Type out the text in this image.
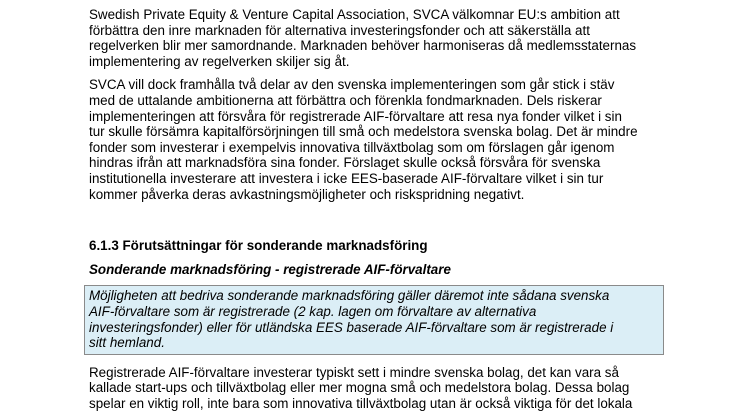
Swedish Private Equity & Venture Capital Association, SVCA välkomnar EU:s ambition att
förbättra den inre marknaden för alternativa investeringsfonder och att säkerställa att
regelverken blir mer samordnande. Marknaden behöver harmoniseras då medlemsstaternas
implementering av regelverken skiljer sig åt.

SVCA vill dock framhålla två delar av den svenska implementeringen som går stick i stäv
med de uttalande ambitionerna att förbättra och förenkla fondmarknaden. Dels riskerar
implementeringen att försvåra för registrerade AIF-förvaltare att resa nya fonder vilket i sin
tur skulle försämra kapitalförsörjningen till små och medelstora svenska bolag. Det är mindre
fonder som investerar i exempelvis innovativa tillväxtbolag som om förslagen går igenom
hindras ifrån att marknadsföra sina fonder. Förslaget skulle också försvåra för svenska
institutionella investerare att investera i icke EES-baserade AIF-förvaltare vilket i sin tur
kommer påverka deras avkastningsmöjligheter och riskspridning negativt.

6.1.3 Förutsättningar för sonderande marknadsföring

Sonderande marknadsföring - registrerade AIF-förvaltare

Möjligheten att bedriva sonderande marknadsföring gäller däremot inte sådana svenska
AIF-förvaltare som är registrerade (2 kap. lagen om förvaltare av alternativa
investeringsfonder) eller för utländska EES baserade AIF-förvaltare som är registrerade i
sitt hemland.

Registrerade AIF-förvaltare investerar typiskt sett i mindre svenska bolag, det kan vara så
kallade start-ups och tillväxtbolag eller mer mogna små och medelstora bolag. Dessa bolag
spelar en viktig roll, inte bara som innovativa tillväxtbolag utan är också viktiga för det lokala
